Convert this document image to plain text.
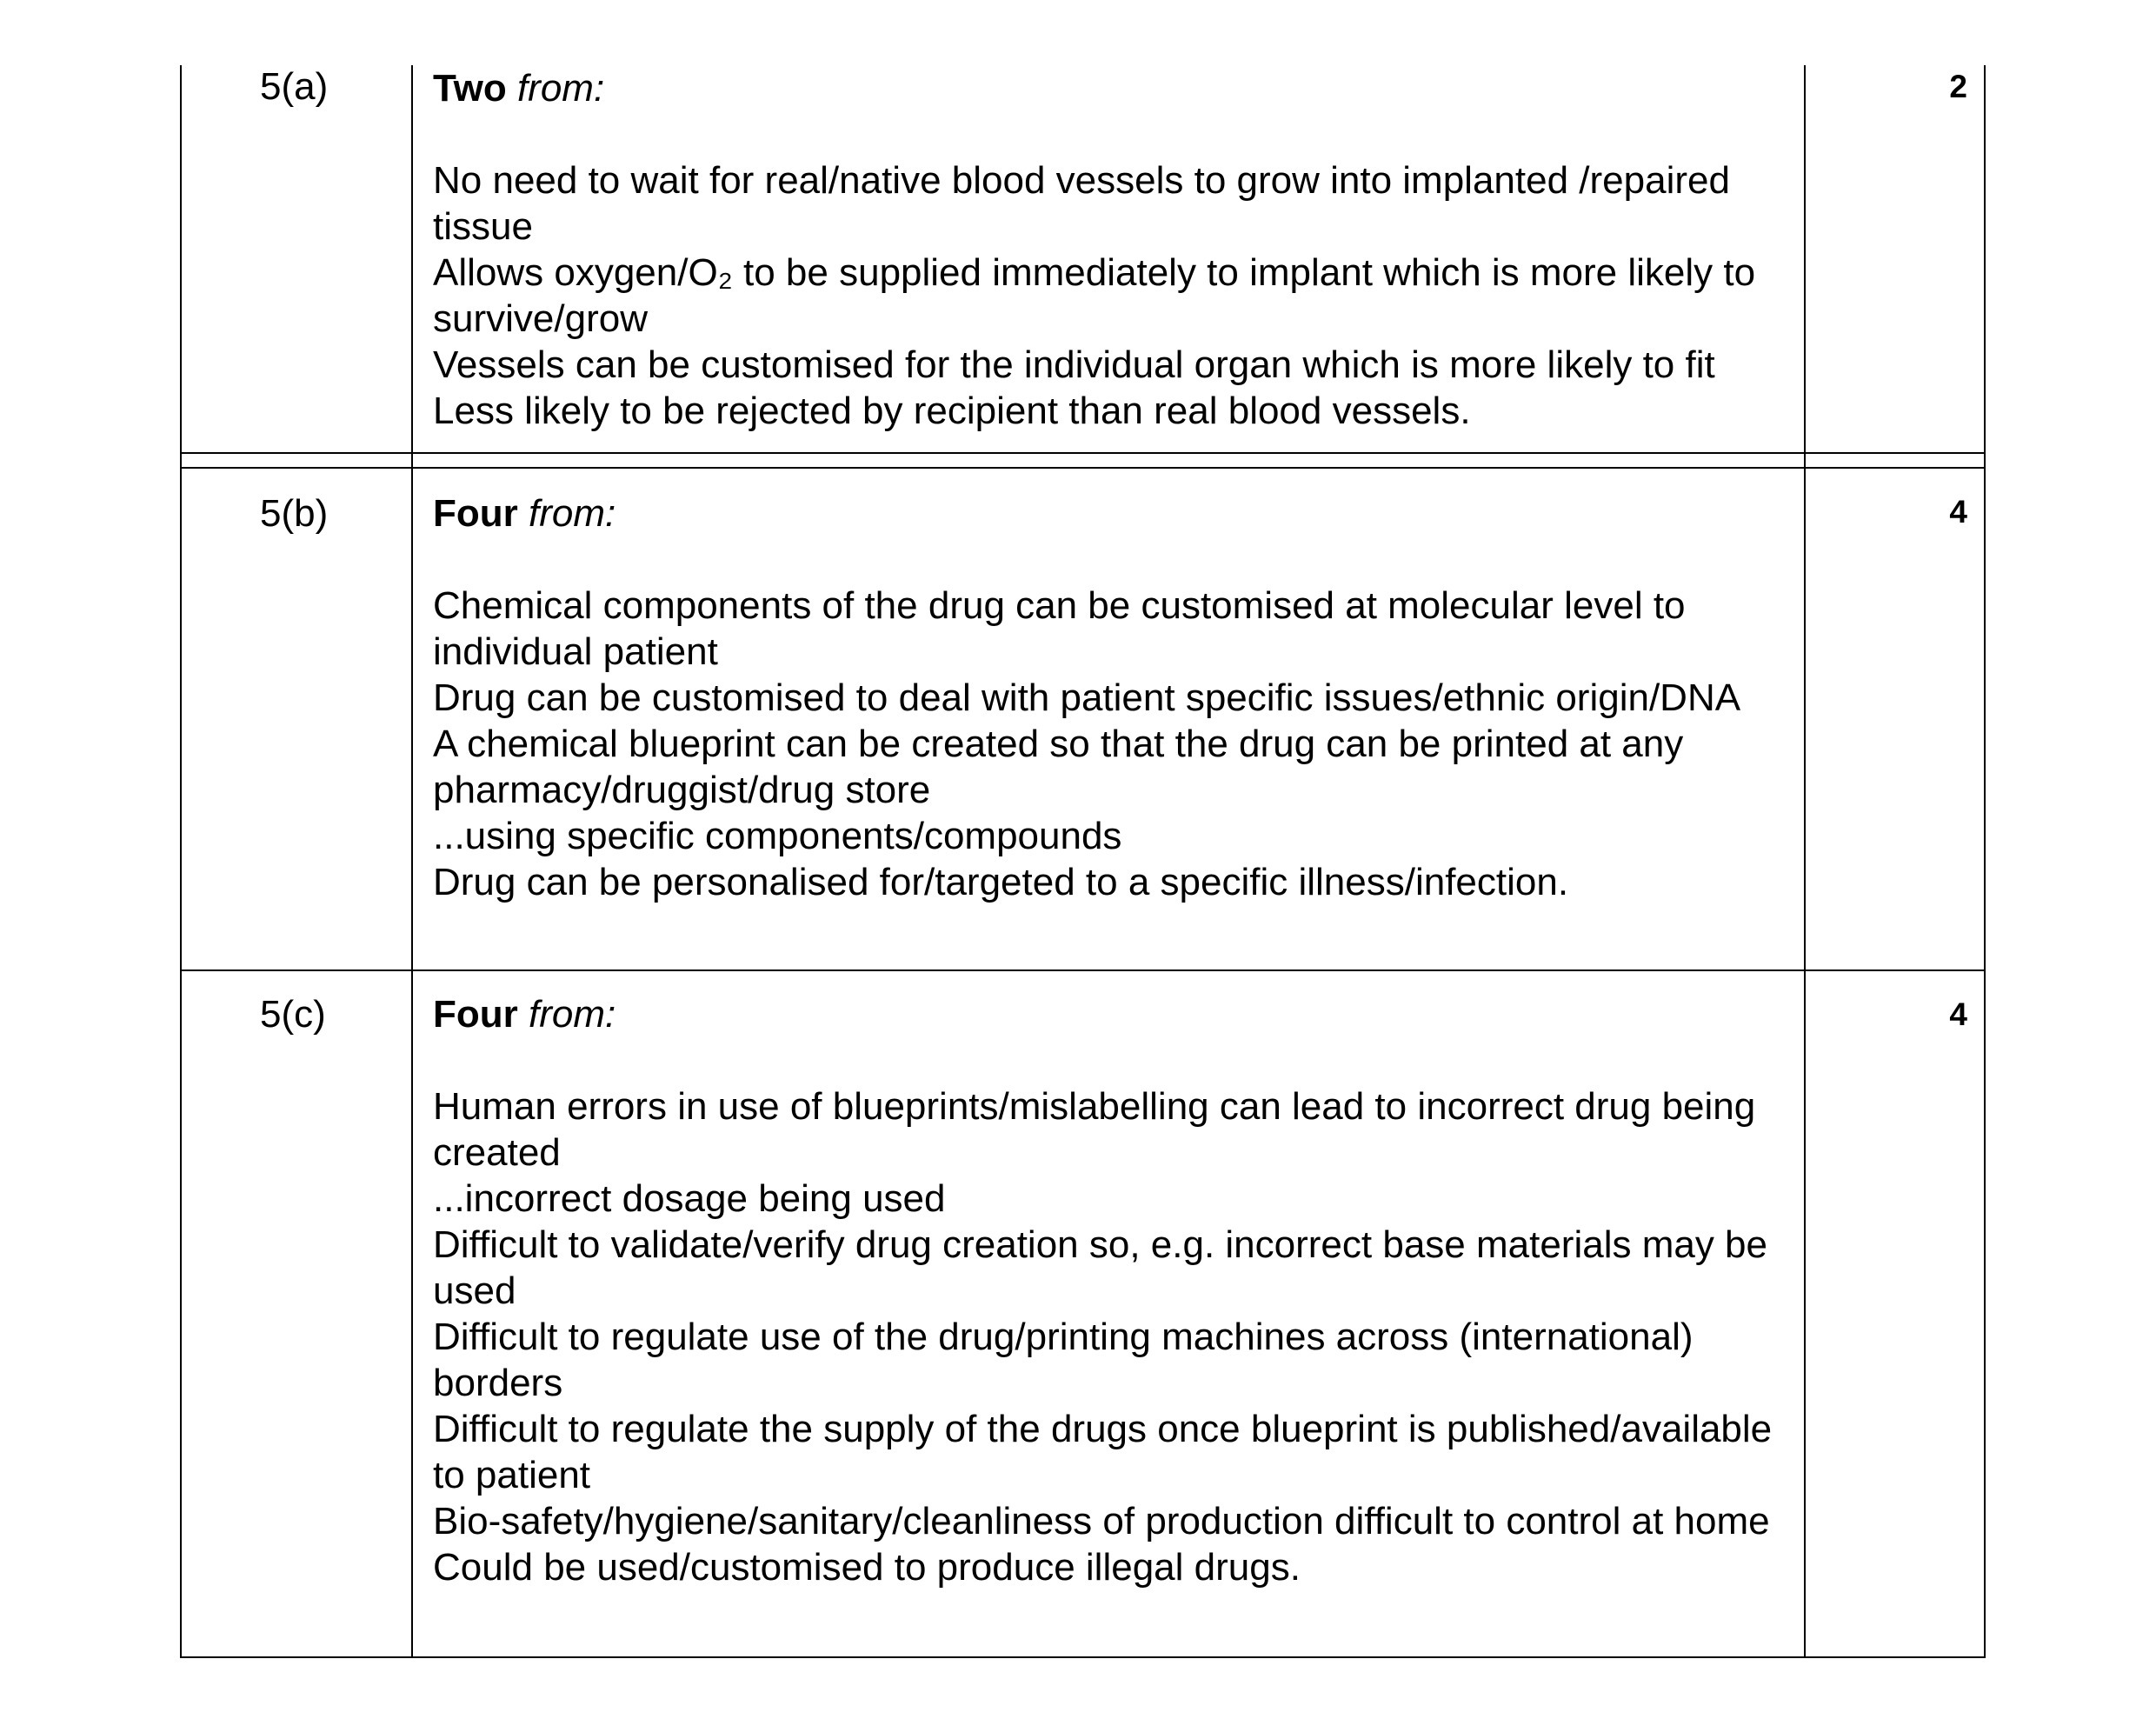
5(a)	Two from:

No need to wait for real/native blood vessels to grow into implanted /repaired tissue
Allows oxygen/O₂ to be supplied immediately to implant which is more likely to survive/grow
Vessels can be customised for the individual organ which is more likely to fit
Less likely to be rejected by recipient than real blood vessels.
2
5(b)	Four from:

Chemical components of the drug can be customised at molecular level to individual patient
Drug can be customised to deal with patient specific issues/ethnic origin/DNA
A chemical blueprint can be created so that the drug can be printed at any pharmacy/druggist/drug store
...using specific components/compounds
Drug can be personalised for/targeted to a specific illness/infection.
4
5(c)	Four from:

Human errors in use of blueprints/mislabelling can lead to incorrect drug being created
...incorrect dosage being used
Difficult to validate/verify drug creation so, e.g. incorrect base materials may be used
Difficult to regulate use of the drug/printing machines across (international) borders
Difficult to regulate the supply of the drugs once blueprint is published/available to patient
Bio-safety/hygiene/sanitary/cleanliness of production difficult to control at home
Could be used/customised to produce illegal drugs.
4
